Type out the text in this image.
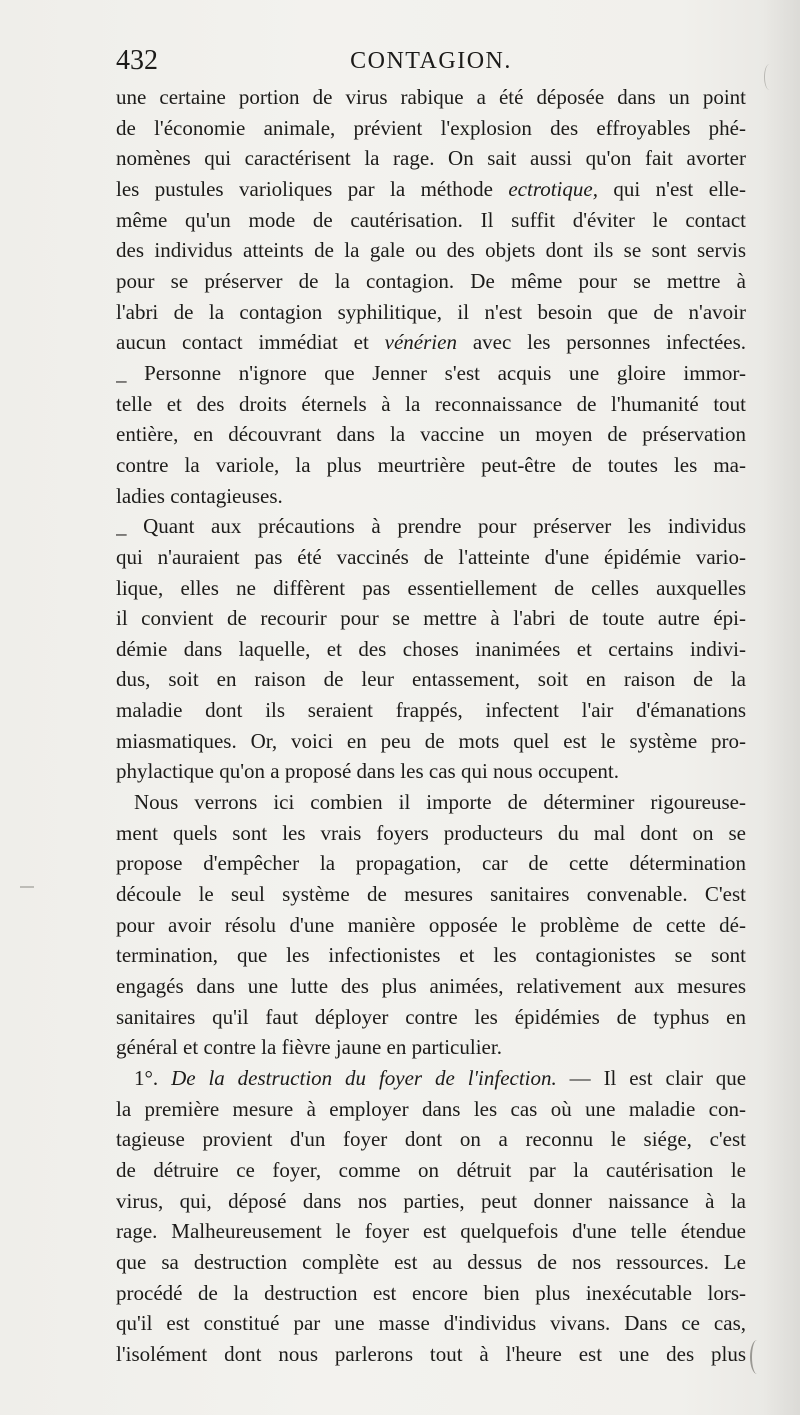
432	CONTAGION.
une certaine portion de virus rabique a été déposée dans un point
de l'économie animale, prévient l'explosion des effroyables phé-
nomènes qui caractérisent la rage. On sait aussi qu'on fait avorter
les pustules varioliques par la méthode ectrotique, qui n'est elle-
même qu'un mode de cautérisation. Il suffit d'éviter le contact
des individus atteints de la gale ou des objets dont ils se sont servis
pour se préserver de la contagion. De même pour se mettre à
l'abri de la contagion syphilitique, il n'est besoin que de n'avoir
aucun contact immédiat et vénérien avec les personnes infectées.
_ Personne n'ignore que Jenner s'est acquis une gloire immor-
telle et des droits éternels à la reconnaissance de l'humanité tout
entière, en découvrant dans la vaccine un moyen de préservation
contre la variole, la plus meurtrière peut-être de toutes les ma-
ladies contagieuses.
_ Quant aux précautions à prendre pour préserver les individus
qui n'auraient pas été vaccinés de l'atteinte d'une épidémie vario-
lique, elles ne diffèrent pas essentiellement de celles auxquelles
il convient de recourir pour se mettre à l'abri de toute autre épi-
démie dans laquelle, et des choses inanimées et certains indivi-
dus, soit en raison de leur entassement, soit en raison de la
maladie dont ils seraient frappés, infectent l'air d'émanations
miasmatiques. Or, voici en peu de mots quel est le système pro-
phylactique qu'on a proposé dans les cas qui nous occupent.
Nous verrons ici combien il importe de déterminer rigoureuse-
ment quels sont les vrais foyers producteurs du mal dont on se
propose d'empêcher la propagation, car de cette détermination
découle le seul système de mesures sanitaires convenable. C'est
pour avoir résolu d'une manière opposée le problème de cette dé-
termination, que les infectionistes et les contagionistes se sont
engagés dans une lutte des plus animées, relativement aux mesures
sanitaires qu'il faut déployer contre les épidémies de typhus en
général et contre la fièvre jaune en particulier.
1°. De la destruction du foyer de l'infection. — Il est clair que
la première mesure à employer dans les cas où une maladie con-
tagieuse provient d'un foyer dont on a reconnu le siége, c'est
de détruire ce foyer, comme on détruit par la cautérisation le
virus, qui, déposé dans nos parties, peut donner naissance à la
rage. Malheureusement le foyer est quelquefois d'une telle étendue
que sa destruction complète est au dessus de nos ressources. Le
procédé de la destruction est encore bien plus inexécutable lors-
qu'il est constitué par une masse d'individus vivans. Dans ce cas,
l'isolément dont nous parlerons tout à l'heure est une des plus
